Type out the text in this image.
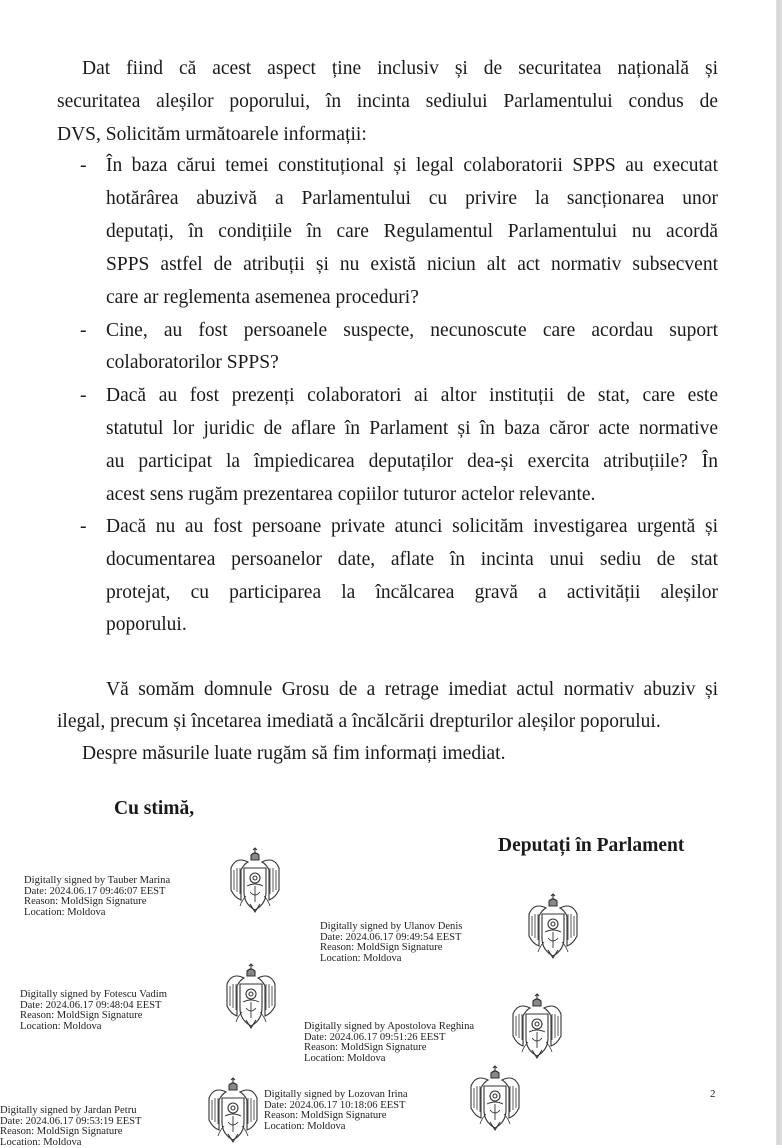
Dat fiind că acest aspect ține inclusiv și de securitatea națională și
securitatea aleșilor poporului, în incinta sediului Parlamentului condus de
DVS, Solicităm următoarele informații:
- În baza cărui temei constituțional și legal colaboratorii SPPS au executat
hotărârea abuzivă a Parlamentului cu privire la sancționarea unor
deputați, în condițiile în care Regulamentul Parlamentului nu acordă
SPPS astfel de atribuții și nu există niciun alt act normativ subsecvent
care ar reglementa asemenea proceduri?
- Cine, au fost persoanele suspecte, necunoscute care acordau suport
colaboratorilor SPPS?
- Dacă au fost prezenți colaboratori ai altor instituții de stat, care este
statutul lor juridic de aflare în Parlament și în baza căror acte normative
au participat la împiedicarea deputaților dea-și exercita atribuțiile? În
acest sens rugăm prezentarea copiilor tuturor actelor relevante.
- Dacă nu au fost persoane private atunci solicităm investigarea urgentă și
documentarea persoanelor date, aflate în incinta unui sediu de stat
protejat, cu participarea la încălcarea gravă a activității aleșilor
poporului.
Vă somăm domnule Grosu de a retrage imediat actul normativ abuziv și
ilegal, precum și încetarea imediată a încălcării drepturilor aleșilor poporului.
Despre măsurile luate rugăm să fim informați imediat.
Cu stimă,
Deputați în Parlament
Digitally signed by Tauber Marina
Date: 2024.06.17 09:46:07 EEST
Reason: MoldSign Signature
Location: Moldova
Digitally signed by Ulanov Denis
Date: 2024.06.17 09:49:54 EEST
Reason: MoldSign Signature
Location: Moldova
Digitally signed by Fotescu Vadim
Date: 2024.06.17 09:48:04 EEST
Reason: MoldSign Signature
Location: Moldova	Digitally signed by Apostolova Reghina
Date: 2024.06.17 09:51:26 EEST
Reason: MoldSign Signature
Location: Moldova
Digitally signed by Lozovan Irina
Date: 2024.06.17 10:18:06 EEST
Reason: MoldSign Signature
Location: Moldova
Digitally signed by Jardan Petru
Date: 2024.06.17 09:53:19 EEST
Reason: MoldSign Signature
Location: Moldova
2
